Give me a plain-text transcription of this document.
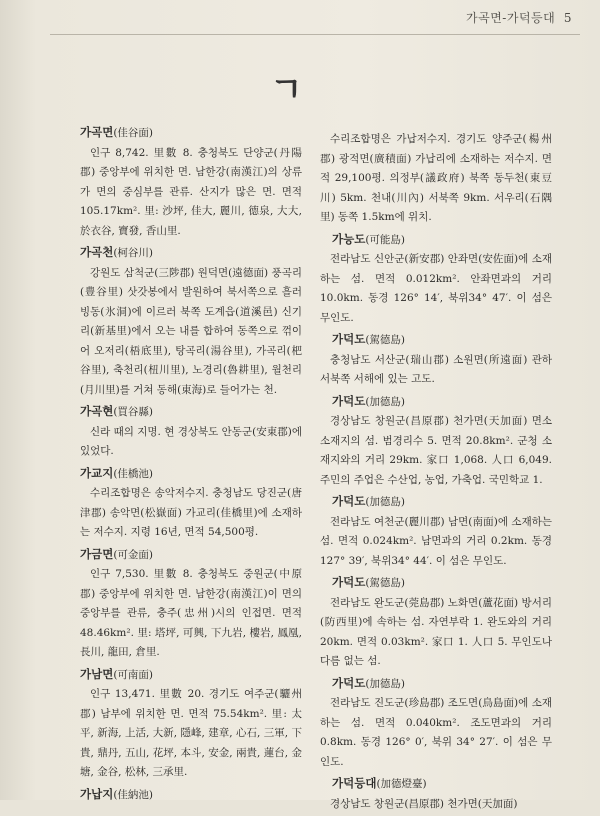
가곡면-가덕등대 5
ㄱ
가곡면(佳谷面)

인구 8,742. 里數 8. 충청북도 단양군(丹陽郡) 중앙부에 위치한 면. 남한강(南漢江)의 상류가 면의 중심부를 관류. 산지가 많은 면. 면적 105.17km². 里: 沙坪, 佳大, 麗川, 德泉, 大大, 於衣谷, 寶發, 香山里.

가곡천(柯谷川)

강원도 삼척군(三陟郡) 원덕면(遠德面) 풍곡리(豊谷里) 삿갓봉에서 발원하여 북서쪽으로 흘러 빙동(氷洞)에 이르러 북쪽 도계읍(道溪邑) 신기리(新基里)에서 오는 내를 합하여 동쪽으로 꺾이어 오저리(梧底里), 탕곡리(湯谷里), 가곡리(杷谷里), 축천리(杻川里), 노경리(魯耕里), 월천리(月川里)를 거쳐 동해(東海)로 들어가는 천.

가곡현(買谷縣)

신라 때의 지명. 현 경상북도 안동군(安東郡)에 있었다.

가교지(佳橋池)

수리조합명은 송악저수지. 충청남도 당진군(唐津郡) 송악면(松嶽面) 가교리(佳橋里)에 소재하는 저수지. 지령 16년, 면적 54,500평.

가금면(可金面)

인구 7,530. 里數 8. 충청북도 중원군(中原郡) 중앙부에 위치한 면. 남한강(南漢江)이 면의 중앙부를 관류, 충주(忠州)시의 인접면. 면적 48.46km². 里: 塔坪, 可興, 下九岩, 樓岩, 鳳凰, 長川, 龍田, 倉里.

가남면(可南面)

인구 13,471. 里數 20. 경기도 여주군(驪州郡) 남부에 위치한 면. 면적 75.54km². 里: 太平, 新海, 上活, 大新, 隱峰, 建章, 心石, 三軍, 下貴, 鼎丹, 五山, 花坪, 本斗, 安金, 兩貴, 蓮台, 金塘, 金谷, 松林, 三承里.

가납지(佳納池)

수리조합명은 가납저수지. 경기도 양주군(楊州郡) 광적면(廣積面) 가납리에 소재하는 저수지. 면적 29,100평. 의정부(議政府) 북쪽 동두천(東豆川) 5km. 천내(川內) 서북쪽 9km. 서우리(石隅里) 동쪽 1.5km에 위치.

가능도(可能島)

전라남도 신안군(新安郡) 안좌면(安佐面)에 소재하는 섬. 면적 0.012km². 안좌면과의 거리 10.0km. 동경 126° 14′, 북위34° 47′. 이 섬은 무인도.

가덕도(駕德島)

충청남도 서산군(瑞山郡) 소원면(所遠面) 관하 서북쪽 서해에 있는 고도.

가덕도(加德島)

경상남도 창원군(昌原郡) 천가면(天加面) 면소 소재지의 섬. 범경리수 5. 면적 20.8km². 군청 소재지와의 거리 29km. 家口 1,068. 人口 6,049. 주민의 주업은 수산업, 농업, 가축업. 국민학교 1.

가덕도(加德島)

전라남도 여천군(麗川郡) 남면(南面)에 소재하는 섬. 면적 0.024km². 남면과의 거리 0.2km. 동경 127° 39′, 북위34° 44′. 이 섬은 무인도.

가덕도(駕德島)

전라남도 완도군(莞島郡) 노화면(蘆花面) 방서리(防西里)에 속하는 섬. 자연부락 1. 완도와의 거리 20km. 면적 0.03km². 家口 1. 人口 5. 무인도나 다름 없는 섬.

가덕도(加德島)

전라남도 진도군(珍島郡) 조도면(鳥島面)에 소재하는 섬. 면적 0.040km². 조도면과의 거리 0.8km. 동경 126° 0′, 북위 34° 27′. 이 섬은 무인도.

가덕등대(加德燈臺)

경상남도 창원군(昌原郡) 천가면(天加面)
